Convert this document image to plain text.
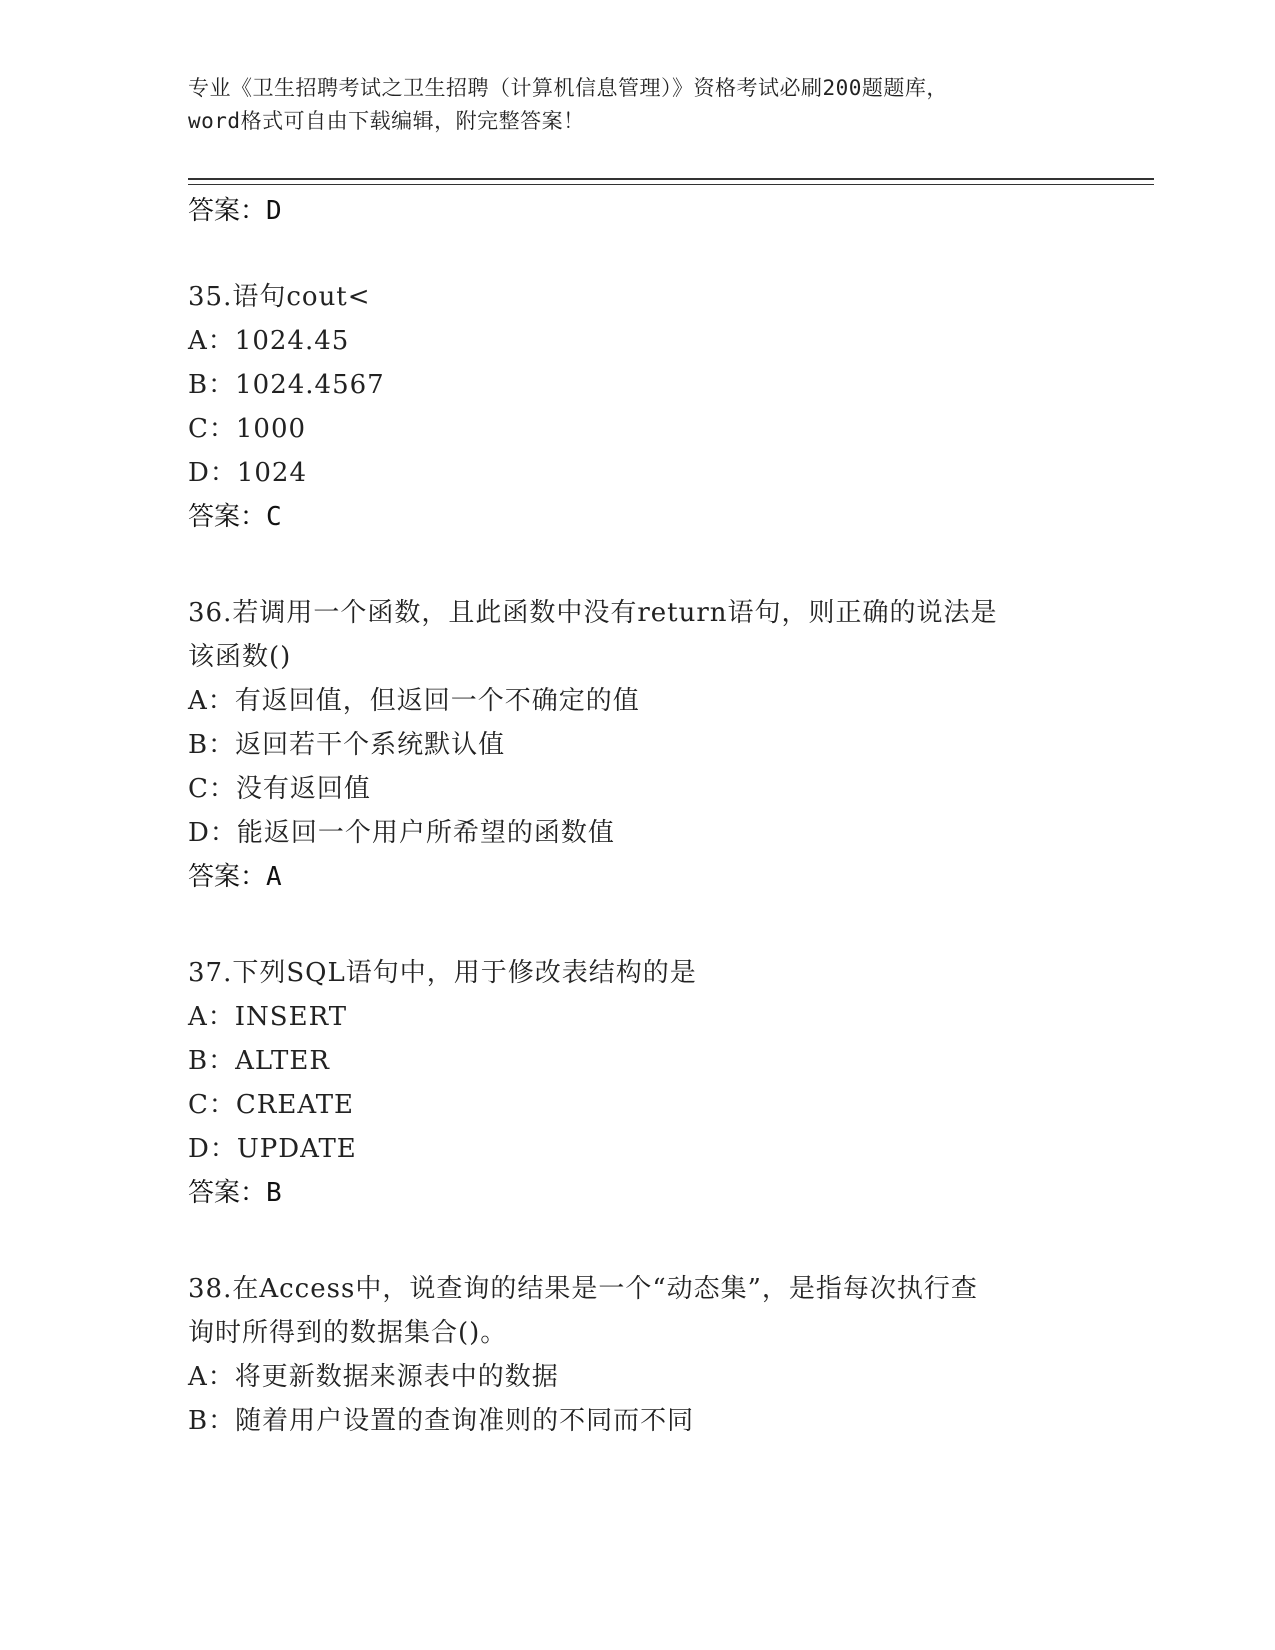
专业《卫生招聘考试之卫生招聘（计算机信息管理）》资格考试必刷200题题库，
word格式可自由下载编辑，附完整答案！
答案：D
35.语句cout<
A：1024.45
B：1024.4567
C：1000
D：1024
答案：C
36.若调用一个函数，且此函数中没有return语句，则正确的说法是
该函数()
A：有返回值，但返回一个不确定的值
B：返回若干个系统默认值
C：没有返回值
D：能返回一个用户所希望的函数值
答案：A
37.下列SQL语句中，用于修改表结构的是
A：INSERT
B：ALTER
C：CREATE
D：UPDATE
答案：B
38.在Access中，说查询的结果是一个“动态集”，是指每次执行查
询时所得到的数据集合()。
A：将更新数据来源表中的数据
B：随着用户设置的查询准则的不同而不同
